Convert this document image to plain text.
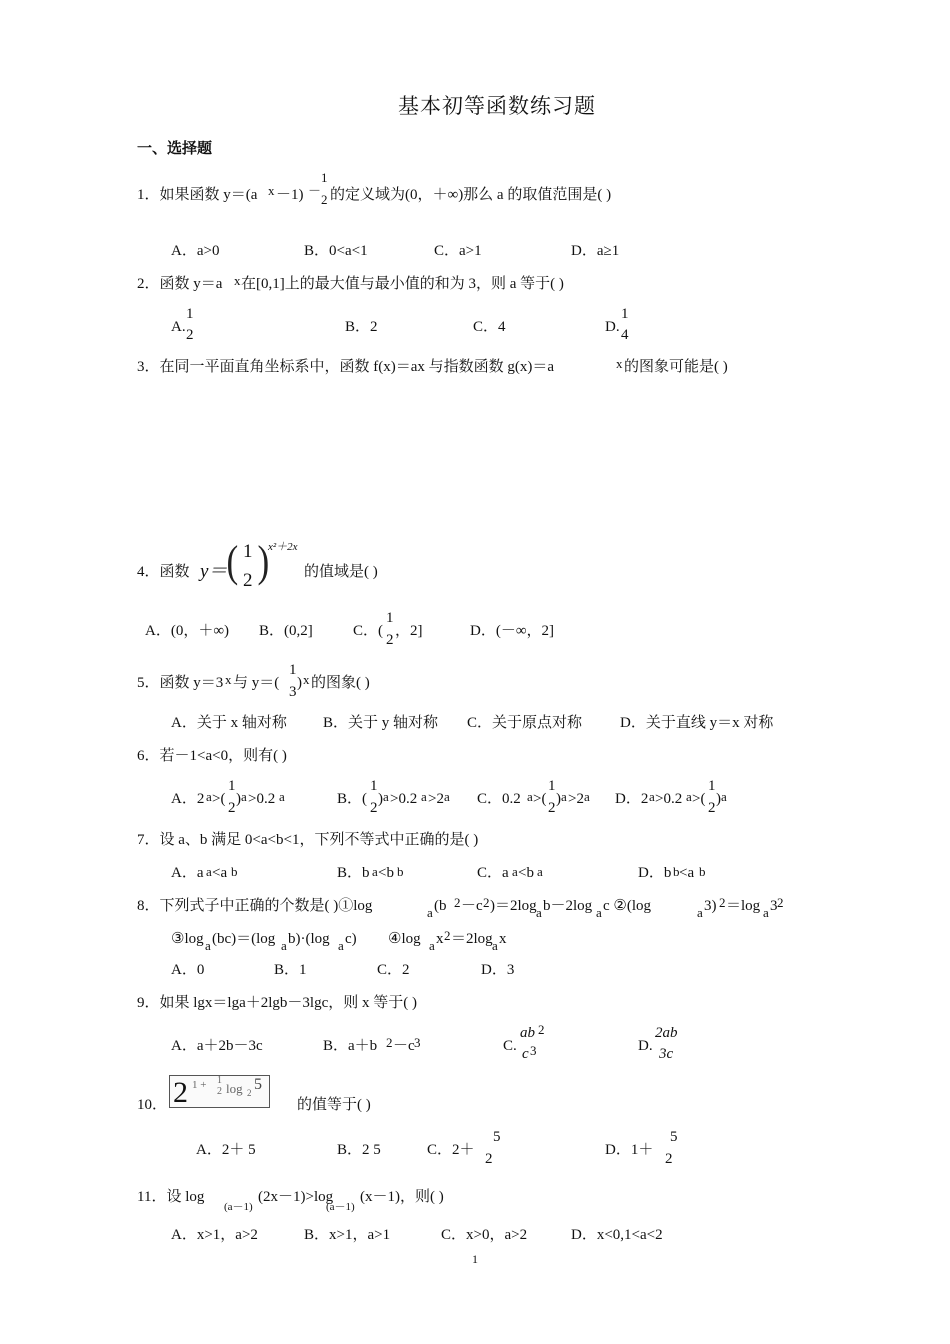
基本初等函数练习题
一、选择题
1．如果函数 y＝(a x －1) －
1
2 的定义域为(0，＋∞)那么 a 的取值范围是( )
A．a>0	B．0<a<1	C．a>1	D．a≥1
2．函数 y＝a x 在[0,1]上的最大值与最小值的和为 3，则 a 等于( )
A.
1
2	B．2	C．4	D.
1
4
3．在同一平面直角坐标系中，函数 f(x)＝ax 与指数函数 g(x)＝a	x 的图象可能是( )
4．函数 y＝ ( 1
2 )
x²＋2x
的值域是( )
A．(0，＋∞) B．(0,2]	C．(
1
2
，2]	D．(－∞，2]
5．函数 y＝3 x 与 y＝(
1
3
) x 的图象( )
A．关于 x 轴对称 B．关于 y 轴对称 C．关于原点对称	D．关于直线 y＝x 对称
6．若－1<a<0，则有( )
A．2 a >(
1
2
) a >0.2 a	B．(
1
2
) a >0.2 a >2 a C．0.2 a >(
1
2
) a >2 a D．2 a >0.2 a >(
1
2
) a
7．设 a、b 满足 0<a<b<1，下列不等式中正确的是( )
A．a a <a b	B．b a <b b	C．a a <b a	D．b b <a b
8．下列式子中正确的个数是( )①log	a (b 2 －c 2 )＝2log a b－2log a c ②(log	a 3) 2 ＝log a 3 2
③log a (bc)＝(log a b)·(log a c) ④log a x 2 ＝2log a x
A．0	B．1	C．2	D．3
9．如果 lgx＝lga＋2lgb－3lgc，则 x 等于( )
A．a＋2b－3c	B．a＋b 2 －c 3	C.
ab 2
c 3	D.
2ab
3c
10． 2 1 + 1
2 log 2 5
的值等于( )
A．2＋ 5	B．2 5	C．2＋
5
2
D．1＋
5
2
11．设 log
(a－1)
(2x－1)>log
(a－1)
(x－1)，则( )
A．x>1，a>2	B．x>1，a>1	C．x>0，a>2	D．x<0,1<a<2
1
